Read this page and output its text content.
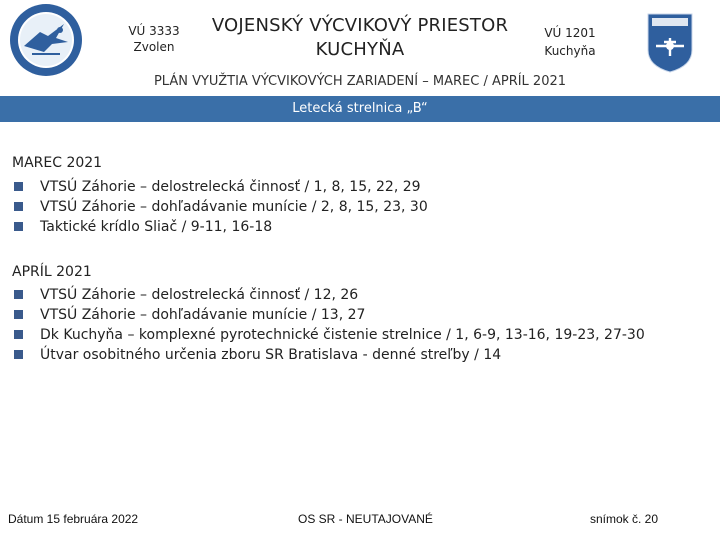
VÚ 3333
Zvolen
VOJENSKÝ VÝCVIKOVÝ PRIESTOR
KUCHYŇA
VÚ 1201
Kuchyňa
PLÁN VYUŽTIA VÝCVIKOVÝCH ZARIADENÍ – MAREC / APRÍL 2021
Letecká strelnica „B“
MAREC 2021
VTSÚ Záhorie – delostrelecká činnosť / 1, 8, 15, 22, 29
VTSÚ Záhorie – dohľadávanie munície / 2, 8, 15, 23, 30
Taktické krídlo Sliač / 9-11, 16-18
APRÍL 2021
VTSÚ Záhorie – delostrelecká činnosť / 12, 26
VTSÚ Záhorie – dohľadávanie munície / 13, 27
Dk Kuchyňa – komplexné pyrotechnické čistenie strelnice / 1, 6-9, 13-16, 19-23, 27-30
Útvar osobitného určenia zboru SR Bratislava - denné streľby / 14
Dátum 15 februára 2022	OS SR - NEUTAJOVANÉ	snímok č. 20
